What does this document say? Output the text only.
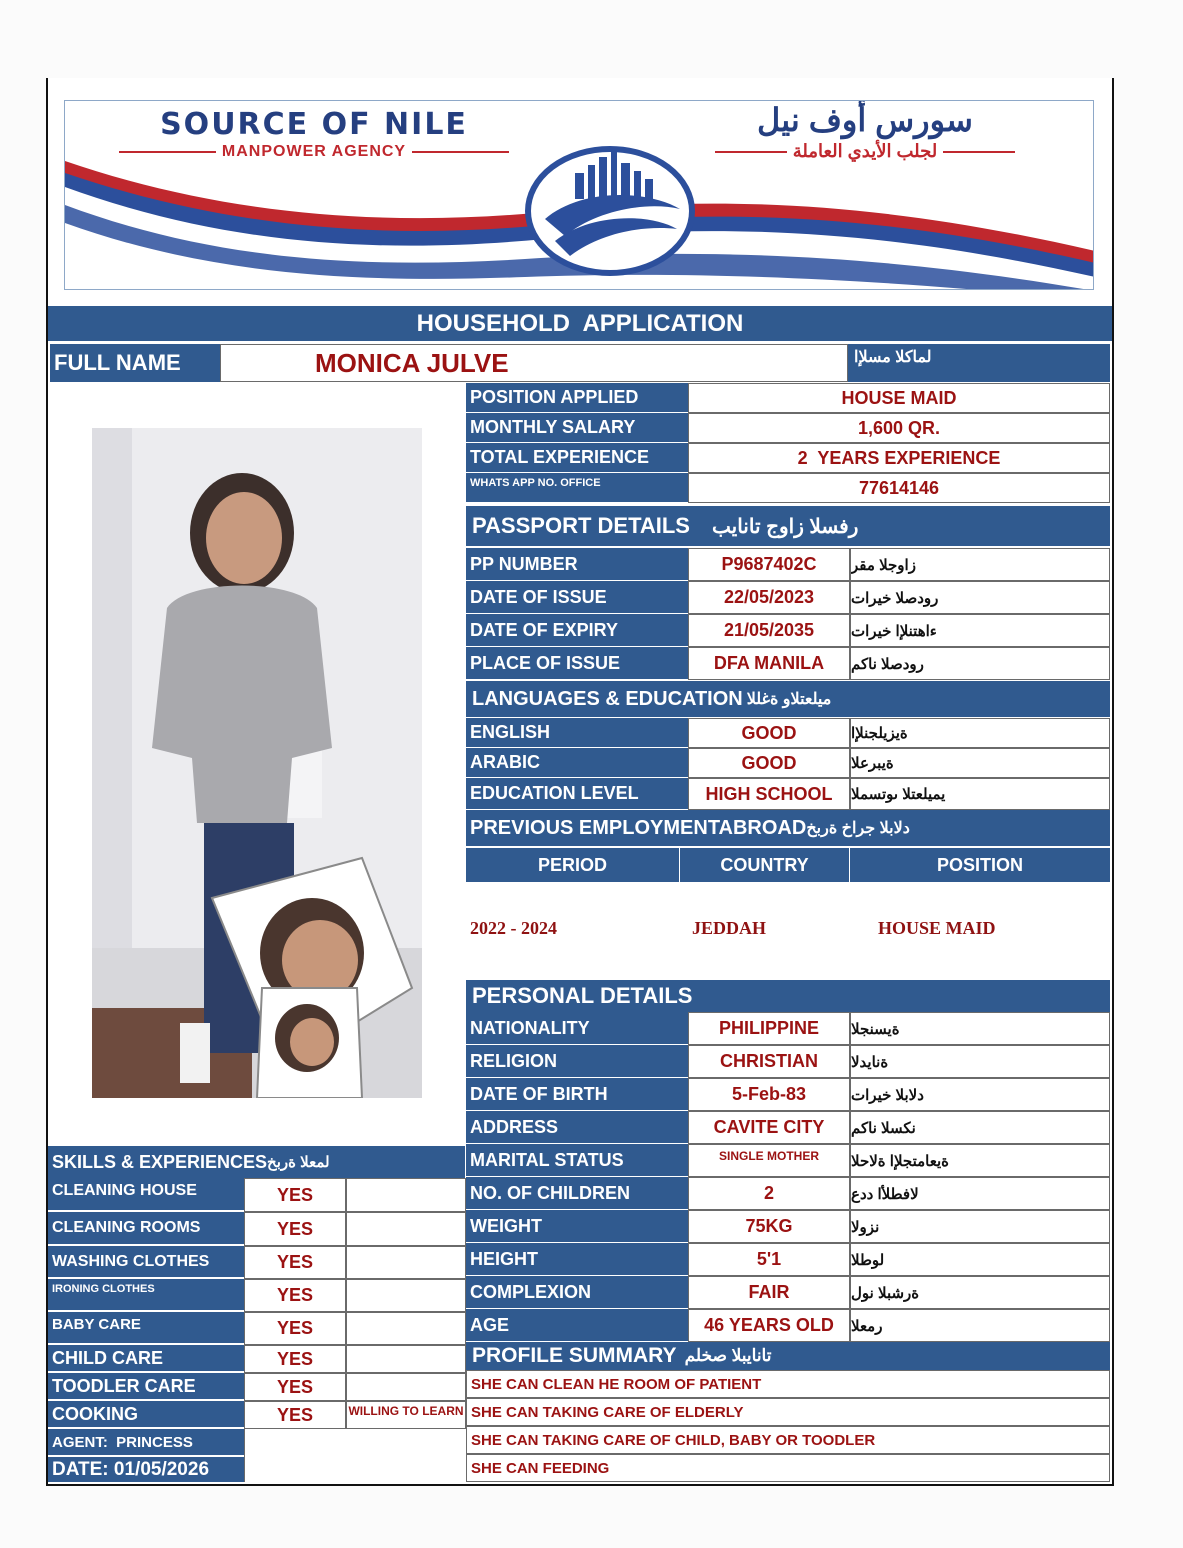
SOURCE OF NILE
MANPOWER AGENCY
سورس أوف نيل
لجلب الأيدي العاملة
HOUSEHOLD  APPLICATION
FULL NAME	MONICA JULVE	لماكلا مسلإا
POSITION APPLIED	HOUSE MAID
MONTHLY SALARY	1,600 QR.
TOTAL EXPERIENCE	2  YEARS EXPERIENCE
WHATS APP NO. OFFICE	77614146
PASSPORT DETAILS رفسلا زاوج تانايب
PP NUMBER	P9687402C	زاوجلا مقر
DATE OF ISSUE	22/05/2023	رودصلا خيرات
DATE OF EXPIRY	21/05/2035	ءاهتنلإا خيرات
PLACE OF ISSUE	DFA MANILA	رودصلا ناكم
LANGUAGES & EDUCATION ميلعتلاو ةغللا
ENGLISH	GOOD	ةيزيلجنلإا
ARABIC	GOOD	ةيبرعلا
EDUCATION LEVEL	HIGH SCHOOL	يميلعتلا ىوتسملا
PREVIOUS EMPLOYMENTABROAD دلابلا جراخ ةربخ
PERIOD	COUNTRY	POSITION
2022 - 2024	JEDDAH	HOUSE MAID
PERSONAL DETAILS
NATIONALITY	PHILIPPINE	ةيسنجلا
RELIGION	CHRISTIAN	ةنايدلا
DATE OF BIRTH	5-Feb-83	دلابلا خيرات
ADDRESS	CAVITE CITY	نكسلا ناكم
MARITAL STATUS	SINGLE MOTHER	ةيعامتجلإا ةلاحلا
NO. OF CHILDREN	2	لافطلأا ددع
WEIGHT	75KG	نزولا
HEIGHT	5'1	لوطلا
COMPLEXION	FAIR	ةرشبلا نول
AGE	46 YEARS OLD	رمعلا
PROFILE SUMMARY تانايبلا صخلم
SHE CAN CLEAN HE ROOM OF PATIENT
SHE CAN TAKING CARE OF ELDERLY
SHE CAN TAKING CARE OF CHILD, BABY OR TOODLER
SHE CAN FEEDING
SKILLS & EXPERIENCES لمعلا ةربخ
CLEANING HOUSE	YES
CLEANING ROOMS	YES
WASHING CLOTHES	YES
IRONING CLOTHES	YES
BABY CARE	YES
CHILD CARE	YES
TOODLER CARE	YES
COOKING	YES	WILLING TO LEARN
AGENT:  PRINCESS
DATE: 01/05/2026
